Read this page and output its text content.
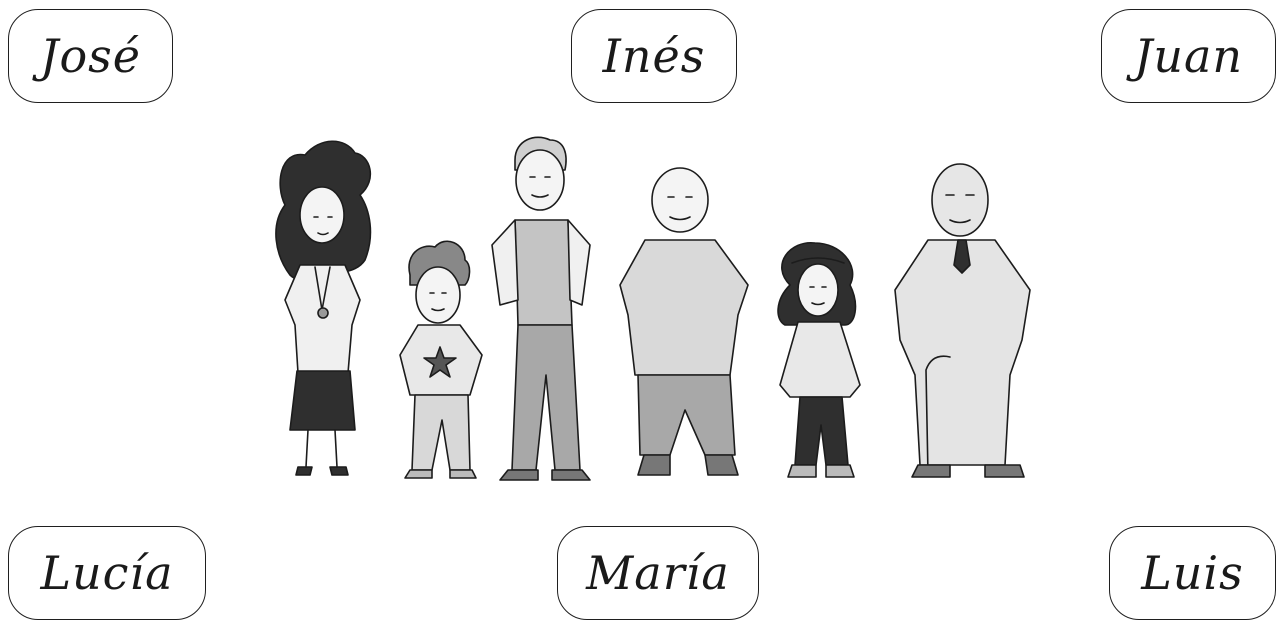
José	Inés	Juan
Lucía	María	Luis
